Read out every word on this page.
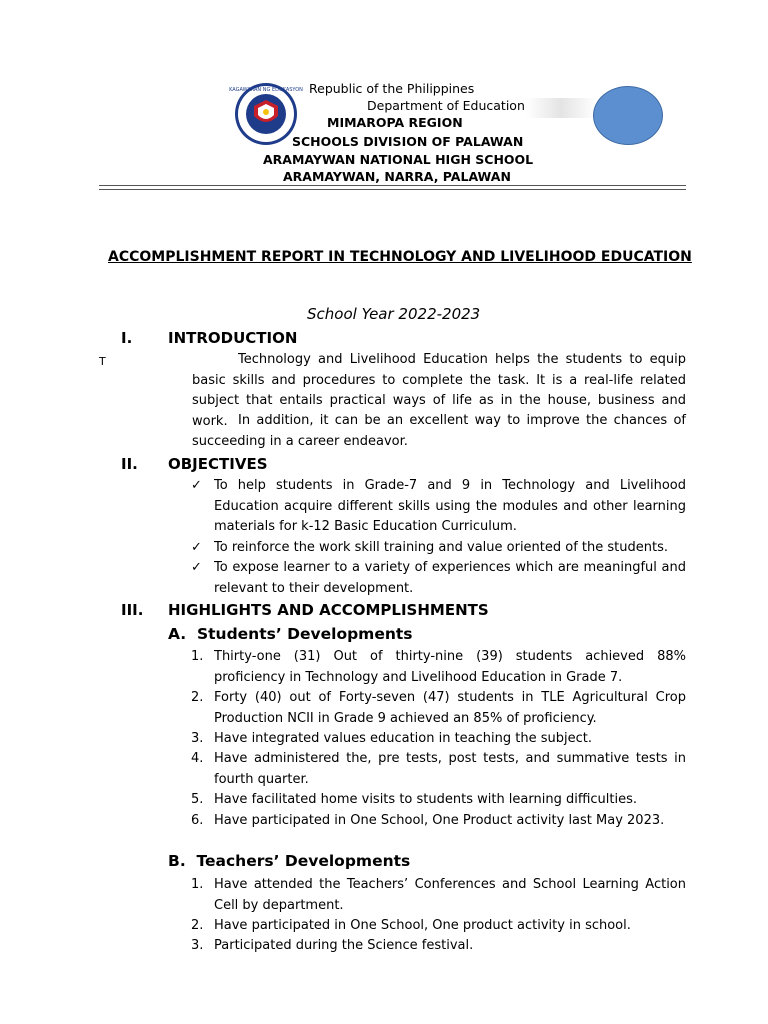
KAGAWARAN NG EDUKASYON Republic of the Philippines
Department of Education
MIMAROPA REGION
SCHOOLS DIVISION OF PALAWAN
ARAMAYWAN NATIONAL HIGH SCHOOL
ARAMAYWAN, NARRA, PALAWAN
ACCOMPLISHMENT REPORT IN TECHNOLOGY AND LIVELIHOOD EDUCATION
School Year 2022-2023
I. INTRODUCTION
T	Technology and Livelihood Education helps the students to equip basic skills and procedures to complete the task. It is a real-life related subject that entails practical ways of life as in the house, business and work. In addition, it can be an excellent way to improve the chances of succeeding in a career endeavor.
II. OBJECTIVES
✓ To help students in Grade-7 and 9 in Technology and Livelihood Education acquire different skills using the modules and other learning materials for k-12 Basic Education Curriculum.
✓ To reinforce the work skill training and value oriented of the students.
✓ To expose learner to a variety of experiences which are meaningful and relevant to their development.
III. HIGHLIGHTS AND ACCOMPLISHMENTS
A.  Students’ Developments
1. Thirty-one (31) Out of thirty-nine (39) students achieved 88% proficiency in Technology and Livelihood Education in Grade 7.
2. Forty (40) out of Forty-seven (47) students in TLE Agricultural Crop Production NCII in Grade 9 achieved an 85% of proficiency.
3. Have integrated values education in teaching the subject.
4. Have administered the, pre tests, post tests, and summative tests in fourth quarter.
5. Have facilitated home visits to students with learning difficulties.
6. Have participated in One School, One Product activity last May 2023.
B.  Teachers’ Developments
1. Have attended the Teachers’ Conferences and School Learning Action Cell by department.
2. Have participated in One School, One product activity in school.
3. Participated during the Science festival.
